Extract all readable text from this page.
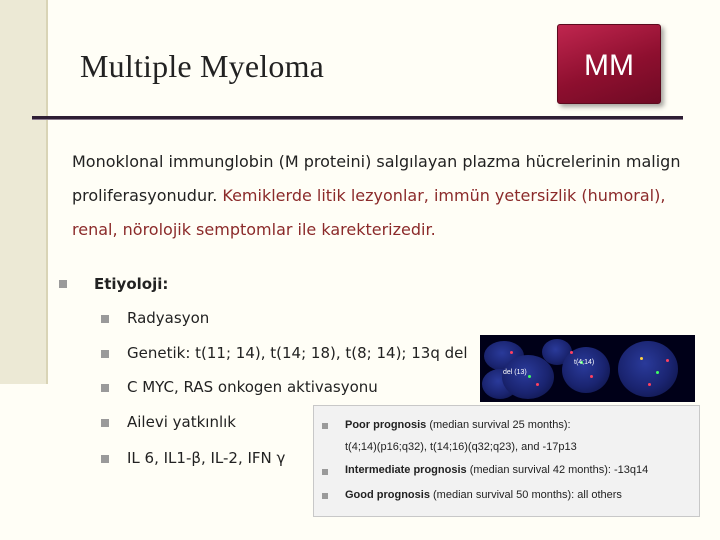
Multiple Myeloma	MM
Monoklonal immunglobin (M proteini) salgılayan plazma hücrelerinin malign proliferasyonudur. Kemiklerde litik lezyonlar, immün yetersizlik (humoral), renal, nörolojik semptomlar ile karekterizedir.
Etiyoloji:
Radyasyon
Genetik: t(11; 14), t(14; 18), t(8; 14); 13q del
C MYC, RAS onkogen aktivasyonu
Ailevi yatkınlık
IL 6, IL1-β, IL-2, IFN γ
del (13)
t(4;14)
Poor prognosis (median survival 25 months):
t(4;14)(p16;q32), t(14;16)(q32;q23), and -17p13
Intermediate prognosis (median survival 42 months): -13q14
Good prognosis (median survival 50 months): all others
